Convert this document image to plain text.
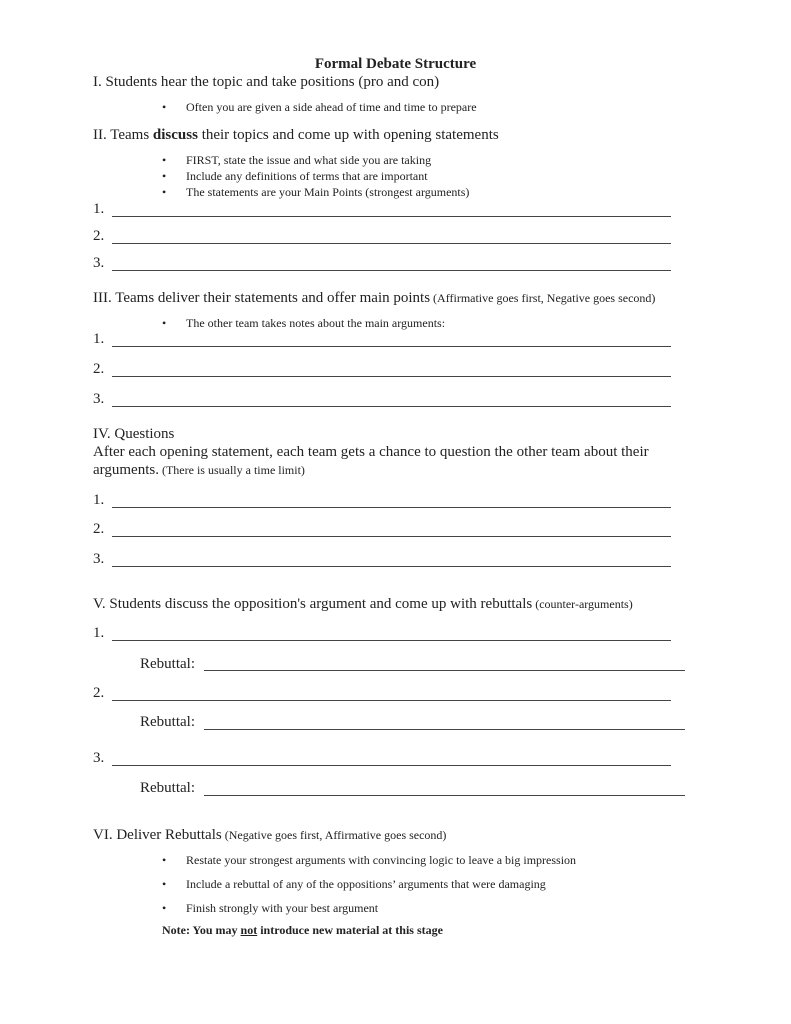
Formal Debate Structure
I. Students hear the topic and take positions (pro and con)
• Often you are given a side ahead of time and time to prepare
II. Teams discuss their topics and come up with opening statements
• FIRST, state the issue and what side you are taking
• Include any definitions of terms that are important
• The statements are your Main Points (strongest arguments)
1.
2.
3.
III. Teams deliver their statements and offer main points (Affirmative goes first, Negative goes second)
• The other team takes notes about the main arguments:
1.
2.
3.
IV. Questions
After each opening statement, each team gets a chance to question the other team about their
arguments. (There is usually a time limit)
1.
2.
3.
V. Students discuss the opposition's argument and come up with rebuttals (counter-arguments)
1.
Rebuttal:
2.
Rebuttal:
3.
Rebuttal:
VI. Deliver Rebuttals (Negative goes first, Affirmative goes second)
• Restate your strongest arguments with convincing logic to leave a big impression
• Include a rebuttal of any of the oppositions’ arguments that were damaging
• Finish strongly with your best argument
Note: You may not introduce new material at this stage
